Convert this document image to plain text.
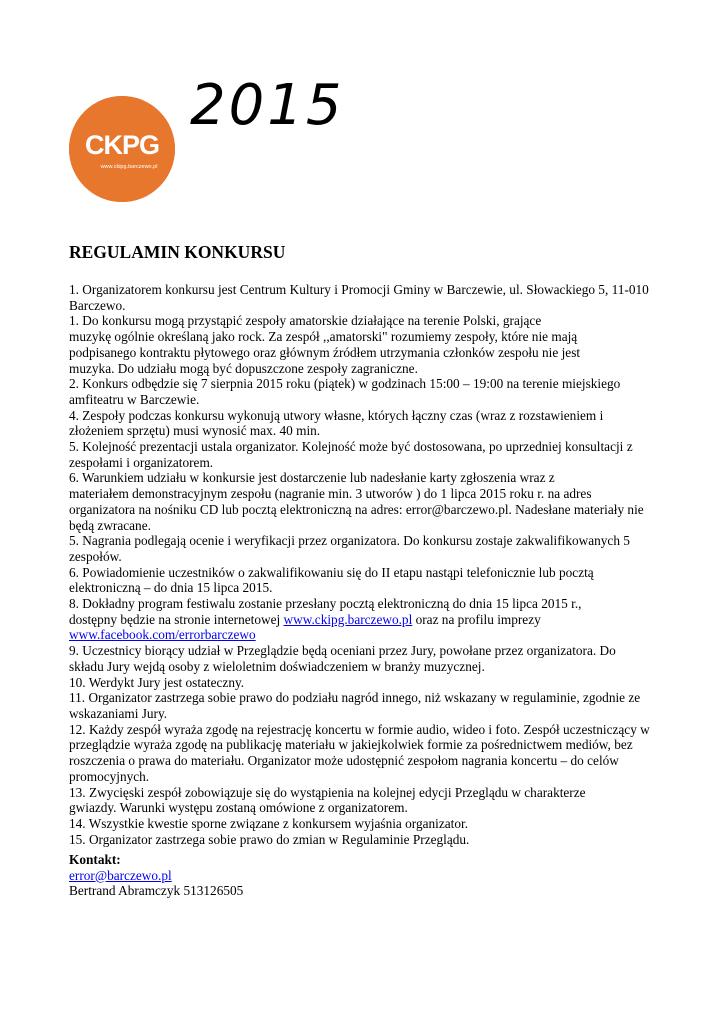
CKPG
www.ckipg.barczewo.pl
2015
REGULAMIN KONKURSU
1. Organizatorem konkursu jest Centrum Kultury i Promocji Gminy w Barczewie, ul. Słowackiego 5, 11-010
Barczewo.
1. Do konkursu mogą przystąpić zespoły amatorskie działające na terenie Polski, grające
muzykę ogólnie określaną jako rock. Za zespół ,,amatorski" rozumiemy zespoły, które nie mają
podpisanego kontraktu płytowego oraz głównym źródłem utrzymania członków zespołu nie jest
muzyka. Do udziału mogą być dopuszczone zespoły zagraniczne.
2. Konkurs odbędzie się 7 sierpnia 2015 roku (piątek) w godzinach 15:00 – 19:00 na terenie miejskiego
amfiteatru w Barczewie.
4. Zespoły podczas konkursu wykonują utwory własne, których łączny czas (wraz z rozstawieniem i
złożeniem sprzętu) musi wynosić max. 40 min.
5. Kolejność prezentacji ustala organizator. Kolejność może być dostosowana, po uprzedniej konsultacji z
zespołami i organizatorem.
6. Warunkiem udziału w konkursie jest dostarczenie lub nadesłanie karty zgłoszenia wraz z
materiałem demonstracyjnym zespołu (nagranie min. 3 utworów ) do 1 lipca 2015 roku r. na adres
organizatora na nośniku CD lub pocztą elektroniczną na adres: error@barczewo.pl. Nadesłane materiały nie
będą zwracane.
5. Nagrania podlegają ocenie i weryfikacji przez organizatora. Do konkursu zostaje zakwalifikowanych 5
zespołów.
6. Powiadomienie uczestników o zakwalifikowaniu się do II etapu nastąpi telefonicznie lub pocztą
elektroniczną – do dnia 15 lipca 2015.
8. Dokładny program festiwalu zostanie przesłany pocztą elektroniczną do dnia 15 lipca 2015 r.,
dostępny będzie na stronie internetowej www.ckipg.barczewo.pl oraz na profilu imprezy
www.facebook.com/errorbarczewo
9. Uczestnicy biorący udział w Przeglądzie będą oceniani przez Jury, powołane przez organizatora. Do
składu Jury wejdą osoby z wieloletnim doświadczeniem w branży muzycznej.
10. Werdykt Jury jest ostateczny.
11. Organizator zastrzega sobie prawo do podziału nagród innego, niż wskazany w regulaminie, zgodnie ze
wskazaniami Jury.
12. Każdy zespół wyraża zgodę na rejestrację koncertu w formie audio, wideo i foto. Zespół uczestniczący w
przeglądzie wyraża zgodę na publikację materiału w jakiejkolwiek formie za pośrednictwem mediów, bez
roszczenia o prawa do materiału. Organizator może udostępnić zespołom nagrania koncertu – do celów
promocyjnych.
13. Zwycięski zespół zobowiązuje się do wystąpienia na kolejnej edycji Przeglądu w charakterze
gwiazdy. Warunki występu zostaną omówione z organizatorem.
14. Wszystkie kwestie sporne związane z konkursem wyjaśnia organizator.
15. Organizator zastrzega sobie prawo do zmian w Regulaminie Przeglądu.
Kontakt:
error@barczewo.pl
Bertrand Abramczyk 513126505
